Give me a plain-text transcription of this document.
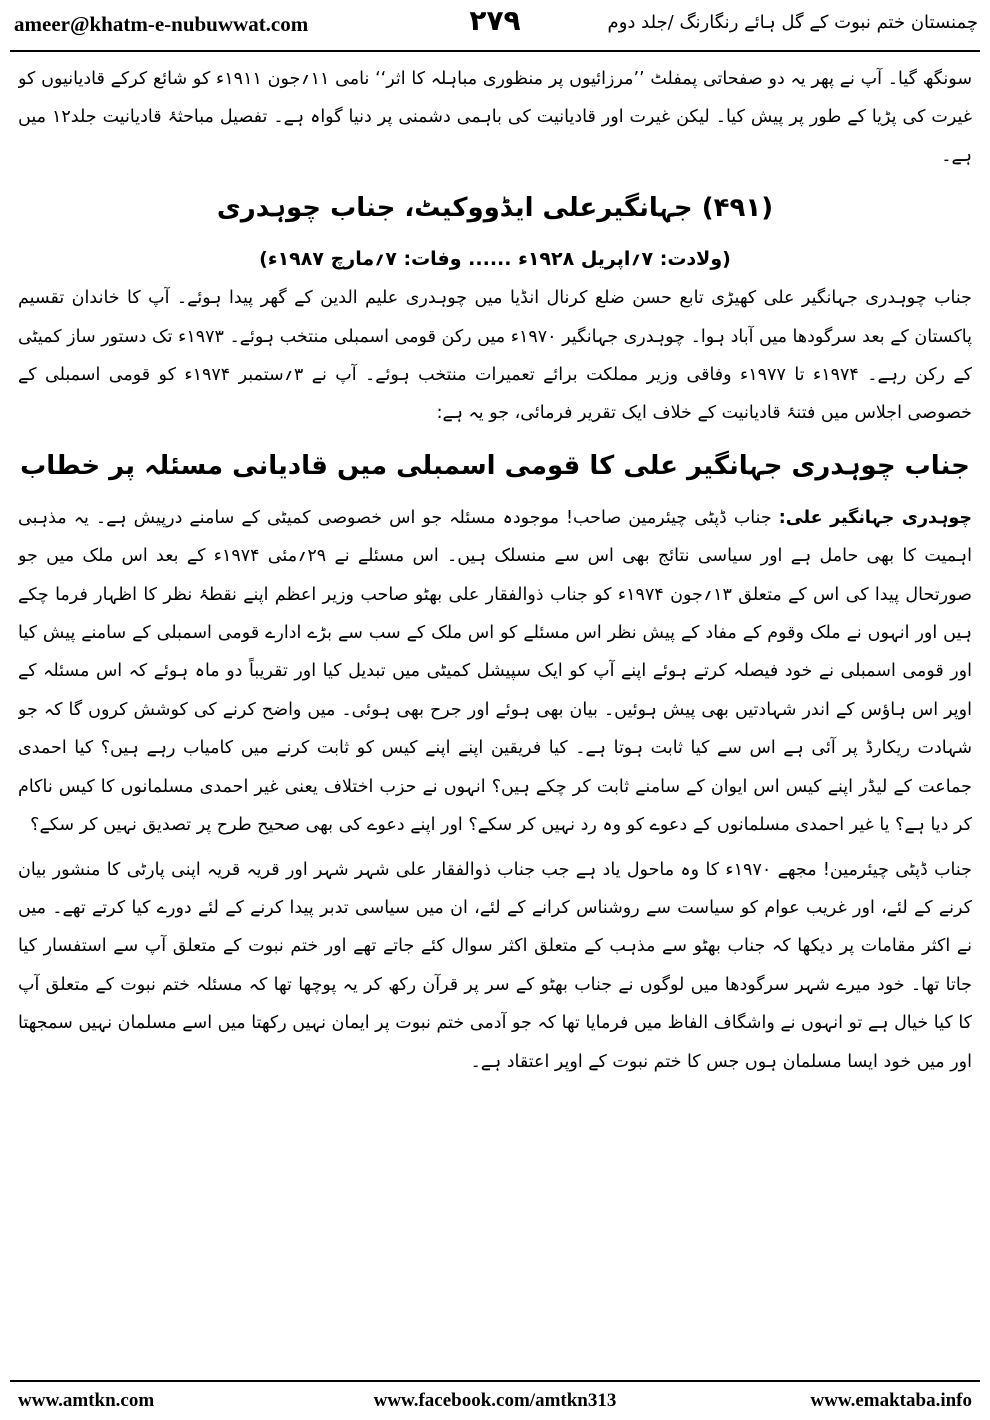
ameer@khatm-e-nubuwwat.com	۲۷۹	چمنستان ختم نبوت کے گل ہائے رنگارنگ /جلد دوم

سونگھ گیا۔ آپ نے پھر یہ دو صفحاتی پمفلٹ ’’مرزائیوں پر منظوری مباہلہ کا اثر‘‘ نامی ۱۱؍جون ۱۹۱۱ء کو شائع کرکے قادیانیوں کو غیرت کی پڑیا کے طور پر پیش کیا۔ لیکن غیرت اور قادیانیت کی باہمی دشمنی پر دنیا گواہ ہے۔ تفصیل مباحثۂ قادیانیت جلد۱۲ میں ہے۔

(۴۹۱) جہانگیرعلی ایڈووکیٹ، جناب چوہدری
(ولادت: ۷؍اپریل ۱۹۲۸ء ...... وفات: ۷؍مارچ ۱۹۸۷ء)

جناب چوہدری جہانگیر علی کھیڑی تابع حسن ضلع کرنال انڈیا میں چوہدری علیم الدین کے گھر پیدا ہوئے۔ آپ کا خاندان تقسیم پاکستان کے بعد سرگودھا میں آباد ہوا۔ چوہدری جہانگیر ۱۹۷۰ء میں رکن قومی اسمبلی منتخب ہوئے۔ ۱۹۷۳ء تک دستور ساز کمیٹی کے رکن رہے۔ ۱۹۷۴ء تا ۱۹۷۷ء وفاقی وزیر مملکت برائے تعمیرات منتخب ہوئے۔ آپ نے ۳؍ستمبر ۱۹۷۴ء کو قومی اسمبلی کے خصوصی اجلاس میں فتنۂ قادیانیت کے خلاف ایک تقریر فرمائی، جو یہ ہے:

جناب چوہدری جہانگیر علی کا قومی اسمبلی میں قادیانی مسئلہ پر خطاب

چوہدری جہانگیر علی: جناب ڈپٹی چیئرمین صاحب! موجودہ مسئلہ جو اس خصوصی کمیٹی کے سامنے درپیش ہے۔ یہ مذہبی اہمیت کا بھی حامل ہے اور سیاسی نتائج بھی اس سے منسلک ہیں۔ اس مسئلے نے ۲۹؍مئی ۱۹۷۴ء کے بعد اس ملک میں جو صورتحال پیدا کی اس کے متعلق ۱۳؍جون ۱۹۷۴ء کو جناب ذوالفقار علی بھٹو صاحب وزیر اعظم اپنے نقطۂ نظر کا اظہار فرما چکے ہیں اور انہوں نے ملک وقوم کے مفاد کے پیش نظر اس مسئلے کو اس ملک کے سب سے بڑے ادارے قومی اسمبلی کے سامنے پیش کیا اور قومی اسمبلی نے خود فیصلہ کرتے ہوئے اپنے آپ کو ایک سپیشل کمیٹی میں تبدیل کیا اور تقریباً دو ماہ ہوئے کہ اس مسئلہ کے اوپر اس ہاؤس کے اندر شہادتیں بھی پیش ہوئیں۔ بیان بھی ہوئے اور جرح بھی ہوئی۔ میں واضح کرنے کی کوشش کروں گا کہ جو شہادت ریکارڈ پر آئی ہے اس سے کیا ثابت ہوتا ہے۔ کیا فریقین اپنے اپنے کیس کو ثابت کرنے میں کامیاب رہے ہیں؟ کیا احمدی جماعت کے لیڈر اپنے کیس اس ایوان کے سامنے ثابت کر چکے ہیں؟ انہوں نے حزب اختلاف یعنی غیر احمدی مسلمانوں کا کیس ناکام کر دیا ہے؟ یا غیر احمدی مسلمانوں کے دعوے کو وہ رد نہیں کر سکے؟ اور اپنے دعوے کی بھی صحیح طرح پر تصدیق نہیں کر سکے؟

جناب ڈپٹی چیئرمین! مجھے ۱۹۷۰ء کا وہ ماحول یاد ہے جب جناب ذوالفقار علی شہر شہر اور قریہ قریہ اپنی پارٹی کا منشور بیان کرنے کے لئے، اور غریب عوام کو سیاست سے روشناس کرانے کے لئے، ان میں سیاسی تدبر پیدا کرنے کے لئے دورے کیا کرتے تھے۔ میں نے اکثر مقامات پر دیکھا کہ جناب بھٹو سے مذہب کے متعلق اکثر سوال کئے جاتے تھے اور ختم نبوت کے متعلق آپ سے استفسار کیا جاتا تھا۔ خود میرے شہر سرگودھا میں لوگوں نے جناب بھٹو کے سر پر قرآن رکھ کر یہ پوچھا تھا کہ مسئلہ ختم نبوت کے متعلق آپ کا کیا خیال ہے تو انہوں نے واشگاف الفاظ میں فرمایا تھا کہ جو آدمی ختم نبوت پر ایمان نہیں رکھتا میں اسے مسلمان نہیں سمجھتا اور میں خود ایسا مسلمان ہوں جس کا ختم نبوت کے اوپر اعتقاد ہے۔

www.amtkn.com	www.facebook.com/amtkn313	www.emaktaba.info
